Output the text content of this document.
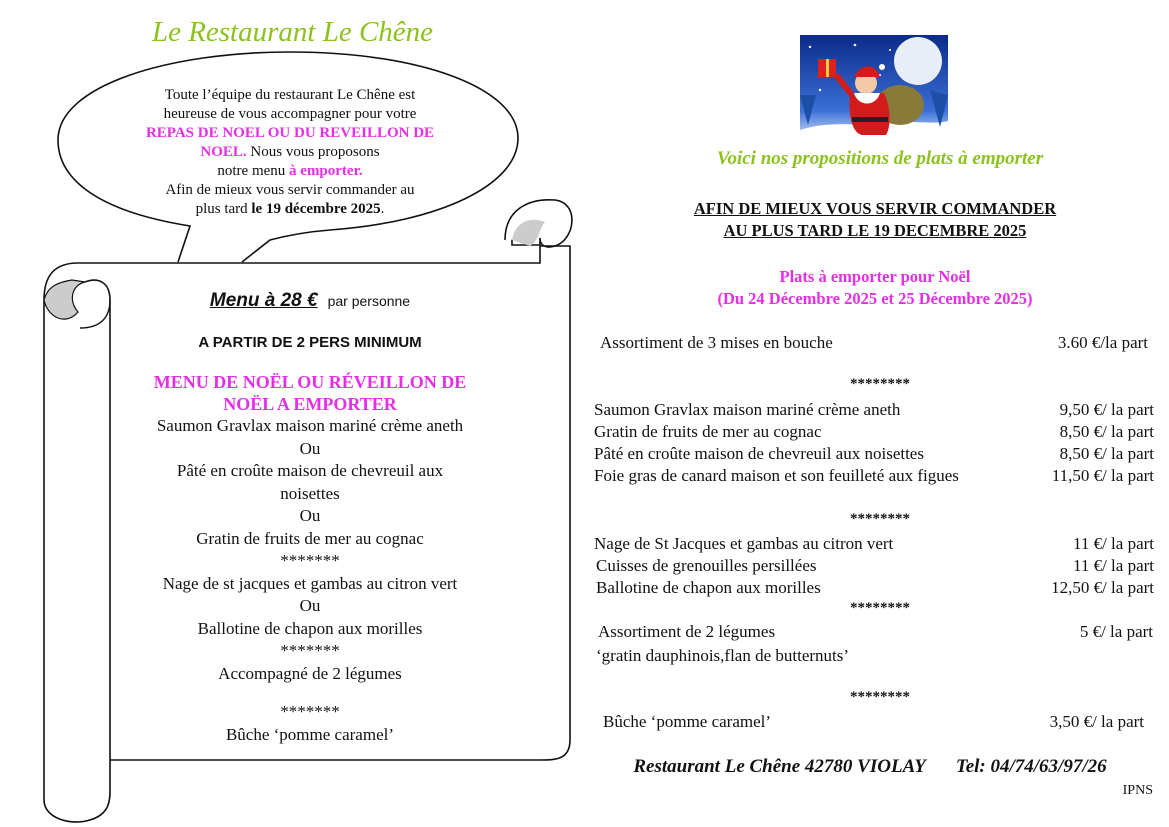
Le Restaurant Le Chêne
Toute l’équipe du restaurant Le Chêne est
heureuse de vous accompagner pour votre
REPAS DE NOEL OU DU REVEILLON DE NOEL. Nous vous proposons
notre menu à emporter.
Afin de mieux vous servir commander au
plus tard le 19 décembre 2025.
Menu à 28 € par personne
A PARTIR DE 2 PERS MINIMUM
MENU DE NOËL OU RÉVEILLON DE
NOËL A EMPORTER
Saumon Gravlax maison mariné crème aneth
Ou
Pâté en croûte maison de chevreuil aux
noisettes
Ou
Gratin de fruits de mer au cognac
*******
Nage de st jacques et gambas au citron vert
Ou
Ballotine de chapon aux morilles
*******
Accompagné de 2 légumes
*******
Bûche ‘pomme caramel’
Voici nos propositions de plats à emporter
AFIN DE MIEUX VOUS SERVIR COMMANDER
AU PLUS TARD LE 19 DECEMBRE 2025
Plats à emporter pour Noël
(Du 24 Décembre 2025 et 25 Décembre 2025)
Assortiment de 3 mises en bouche	3.60 €/la part
********
Saumon Gravlax maison mariné crème aneth	9,50 €/ la part
Gratin de fruits de mer au cognac	8,50 €/ la part
Pâté en croûte maison de chevreuil aux noisettes	8,50 €/ la part
Foie gras de canard maison et son feuilleté aux figues	11,50 €/ la part
********
Nage de St Jacques et gambas au citron vert	11 €/ la part
Cuisses de grenouilles persillées	11 €/ la part
Ballotine de chapon aux morilles	12,50 €/ la part
********
Assortiment de 2 légumes	5 €/ la part
‘gratin dauphinois,flan de butternuts’
********
Bûche ‘pomme caramel’	3,50 €/ la part
Restaurant Le Chêne 42780 VIOLAY Tel: 04/74/63/97/26
IPNS
